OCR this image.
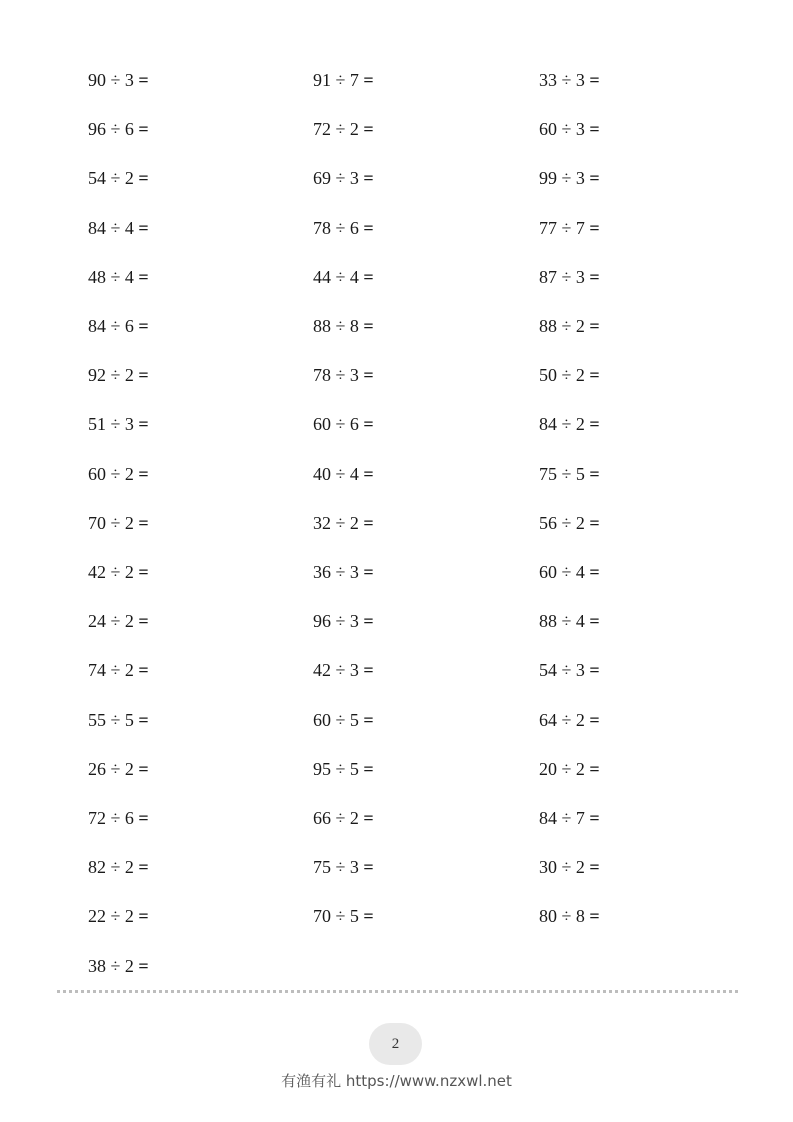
90 ÷ 3 =	91 ÷ 7 =	33 ÷ 3 =
96 ÷ 6 =	72 ÷ 2 =	60 ÷ 3 =
54 ÷ 2 =	69 ÷ 3 =	99 ÷ 3 =
84 ÷ 4 =	78 ÷ 6 =	77 ÷ 7 =
48 ÷ 4 =	44 ÷ 4 =	87 ÷ 3 =
84 ÷ 6 =	88 ÷ 8 =	88 ÷ 2 =
92 ÷ 2 =	78 ÷ 3 =	50 ÷ 2 =
51 ÷ 3 =	60 ÷ 6 =	84 ÷ 2 =
60 ÷ 2 =	40 ÷ 4 =	75 ÷ 5 =
70 ÷ 2 =	32 ÷ 2 =	56 ÷ 2 =
42 ÷ 2 =	36 ÷ 3 =	60 ÷ 4 =
24 ÷ 2 =	96 ÷ 3 =	88 ÷ 4 =
74 ÷ 2 =	42 ÷ 3 =	54 ÷ 3 =
55 ÷ 5 =	60 ÷ 5 =	64 ÷ 2 =
26 ÷ 2 =	95 ÷ 5 =	20 ÷ 2 =
72 ÷ 6 =	66 ÷ 2 =	84 ÷ 7 =
82 ÷ 2 =	75 ÷ 3 =	30 ÷ 2 =
22 ÷ 2 =	70 ÷ 5 =	80 ÷ 8 =
38 ÷ 2 =
2
有渔有礼 https://www.nzxwl.net
